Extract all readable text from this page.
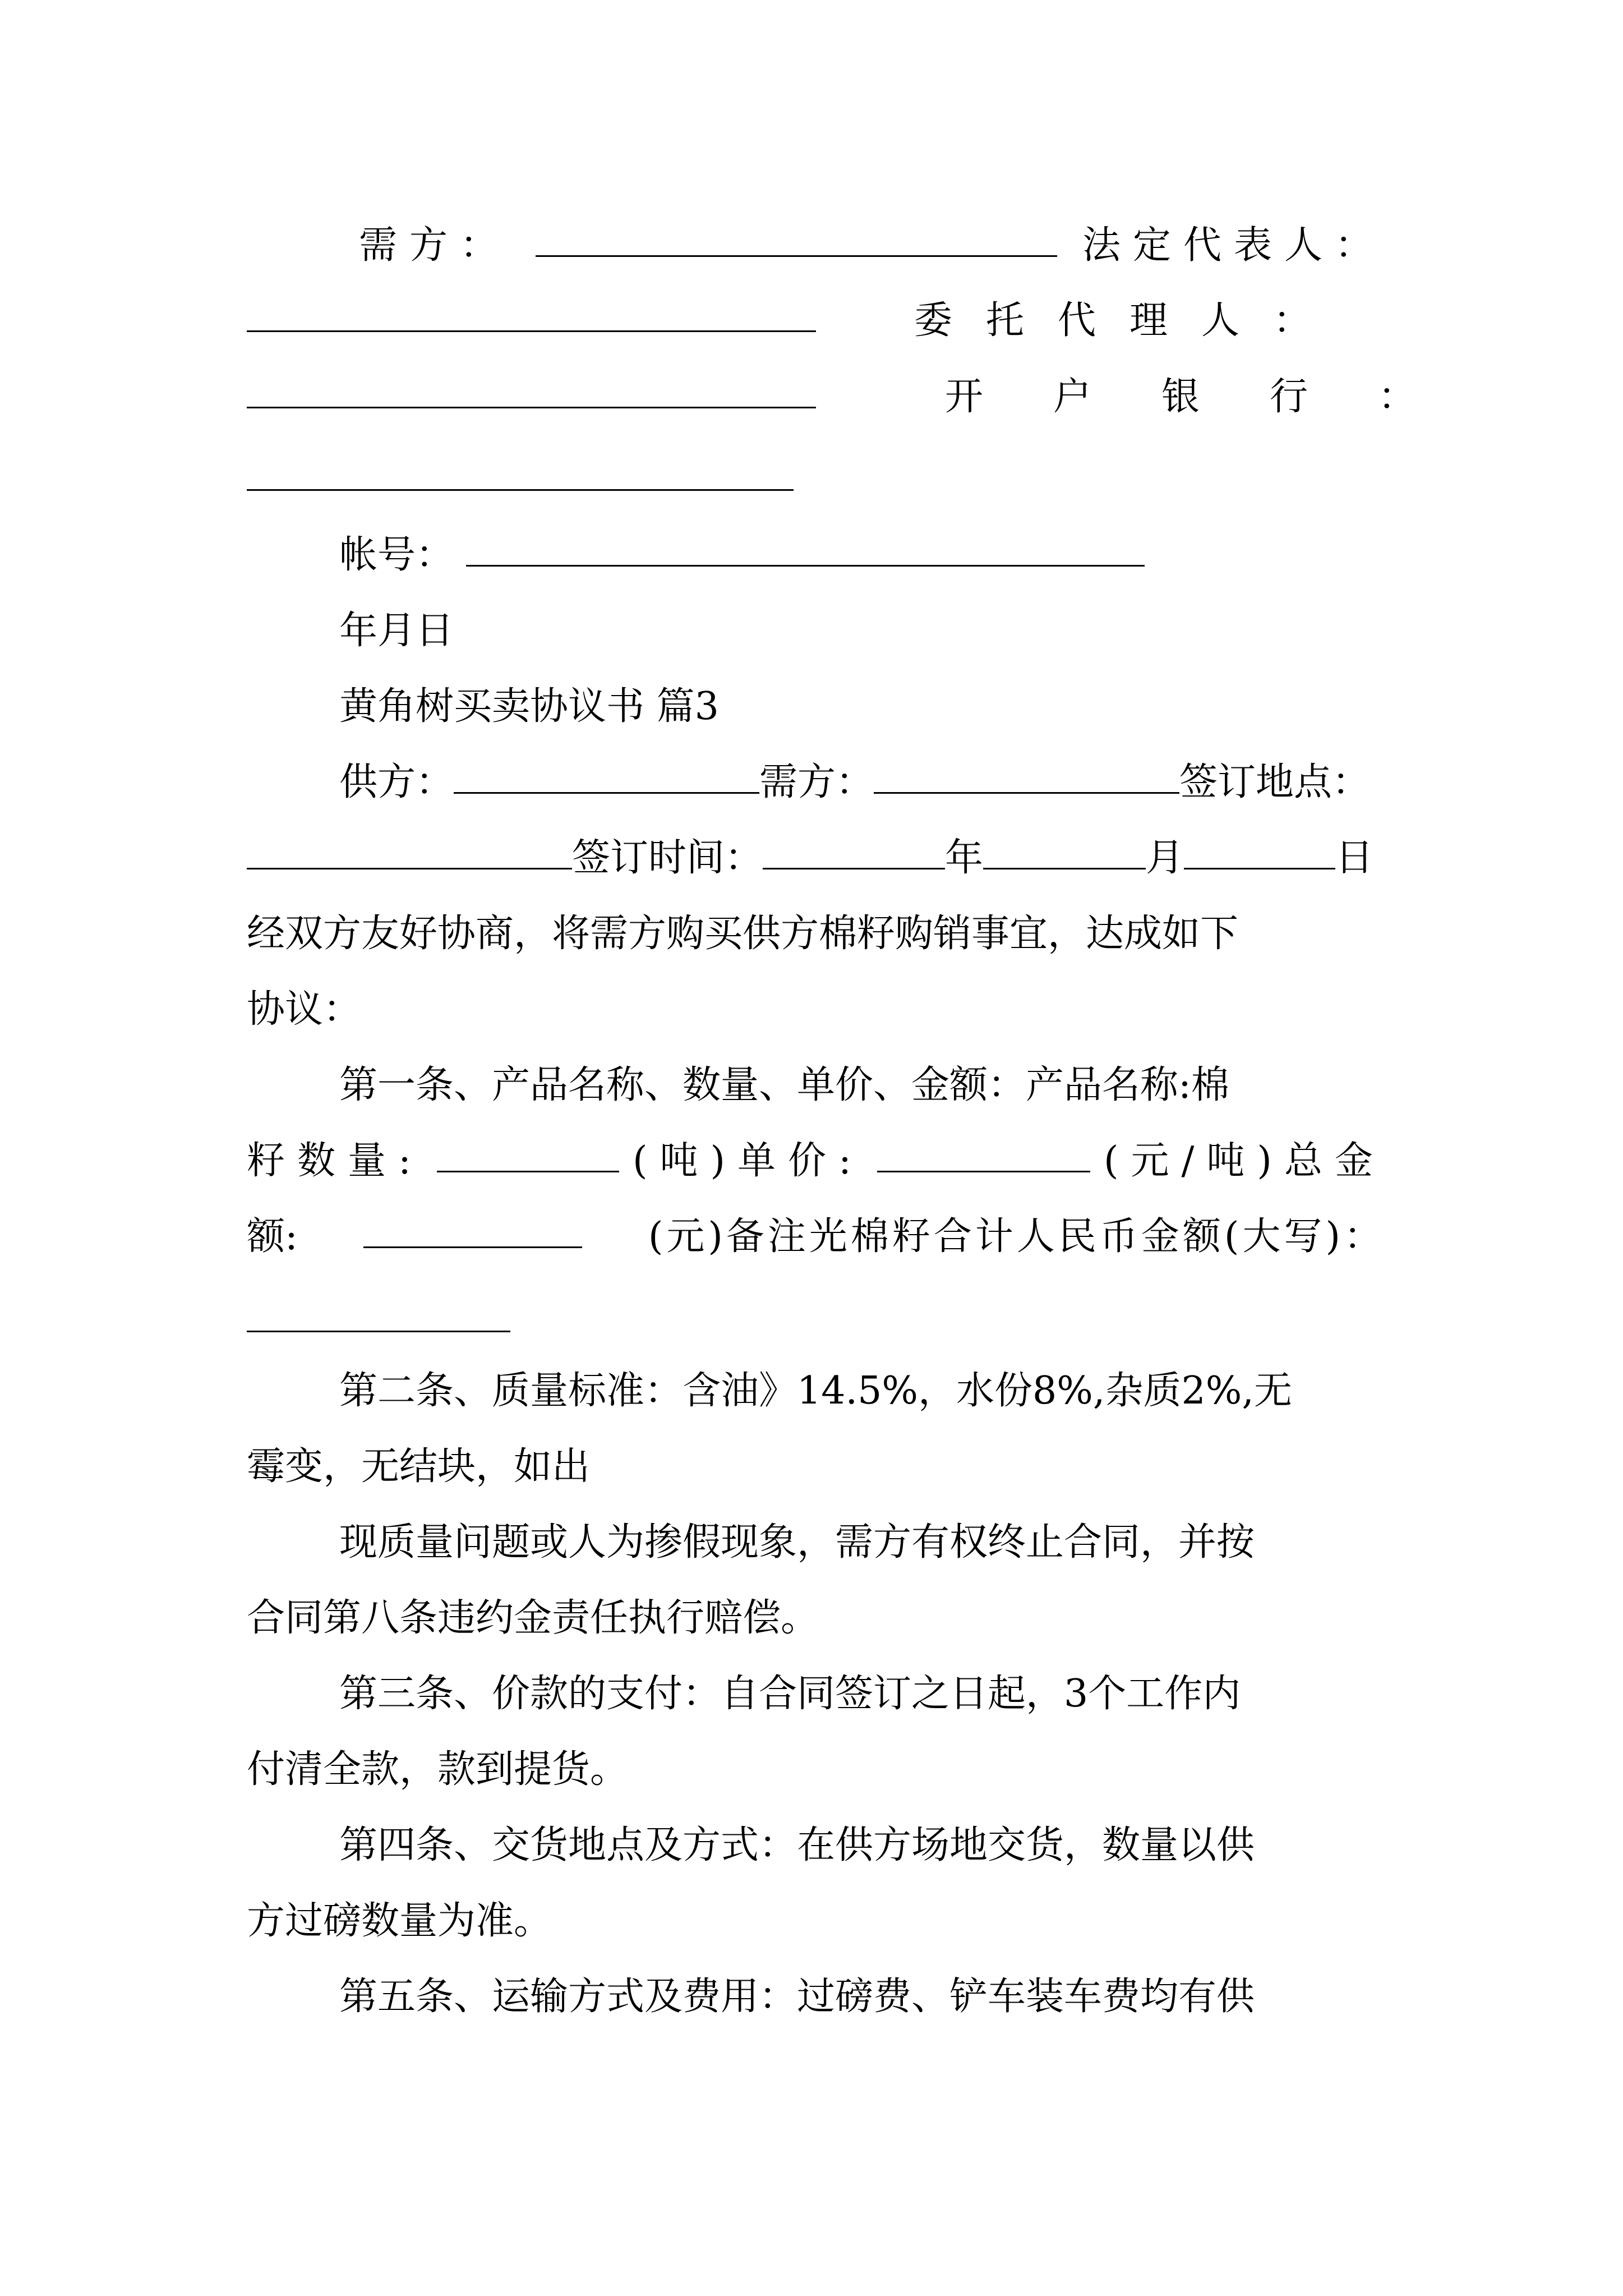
需方：	法定代表人：
委托代理人：
开户银行：
帐号：
年月日
黄角树买卖协议书 篇3
供方：	需方：	签订地点：
签订时间：	年	月	日
经双方友好协商，将需方购买供方棉籽购销事宜，达成如下
协议：
第一条、产品名称、数量、单价、金额：产品名称:棉
籽数量:	(吨)单价:	(元/吨)总金
额:	(元)备注光棉籽合计人民币金额(大写)：
第二条、质量标准：含油》14.5%，水份8%,杂质2%,无
霉变，无结块，如出
现质量问题或人为掺假现象，需方有权终止合同，并按
合同第八条违约金责任执行赔偿。
第三条、价款的支付：自合同签订之日起，3个工作内
付清全款，款到提货。
第四条、交货地点及方式：在供方场地交货，数量以供
方过磅数量为准。
第五条、运输方式及费用：过磅费、铲车装车费均有供
